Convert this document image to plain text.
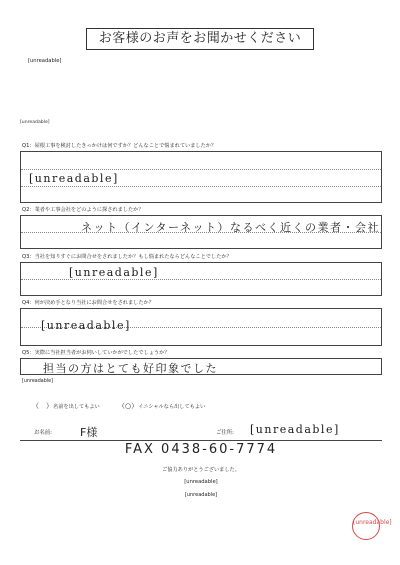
お客様のお声をお聞かせください
[unreadable]
[unreadable]
Q1：屋根工事を検討したきっかけは何ですか？どんなことで悩まれていましたか？
[unreadable]
Q2：業者や工事会社をどのように探されましたか？
ネット（インターネット）なるべく近くの業者・会社
Q3：当社を知りすぐにお問合せをされましたか？もし悩まれたならどんなことでしたか？
[unreadable]
Q4：何が決め手となり当社にお問合せをされましたか？
[unreadable]
Q5：実際に当社担当者がお伺いしていかがでしたでしょうか？
担当の方はとても好印象でした
[unreadable]
（　）名前を出してもよい	（○）イニシャルなら出してもよい
お名前:	F様	ご住所: [unreadable]
FAX 0438-60-7774
ご協力ありがとうございました。
[unreadable]
[unreadable]
[unreadable]
